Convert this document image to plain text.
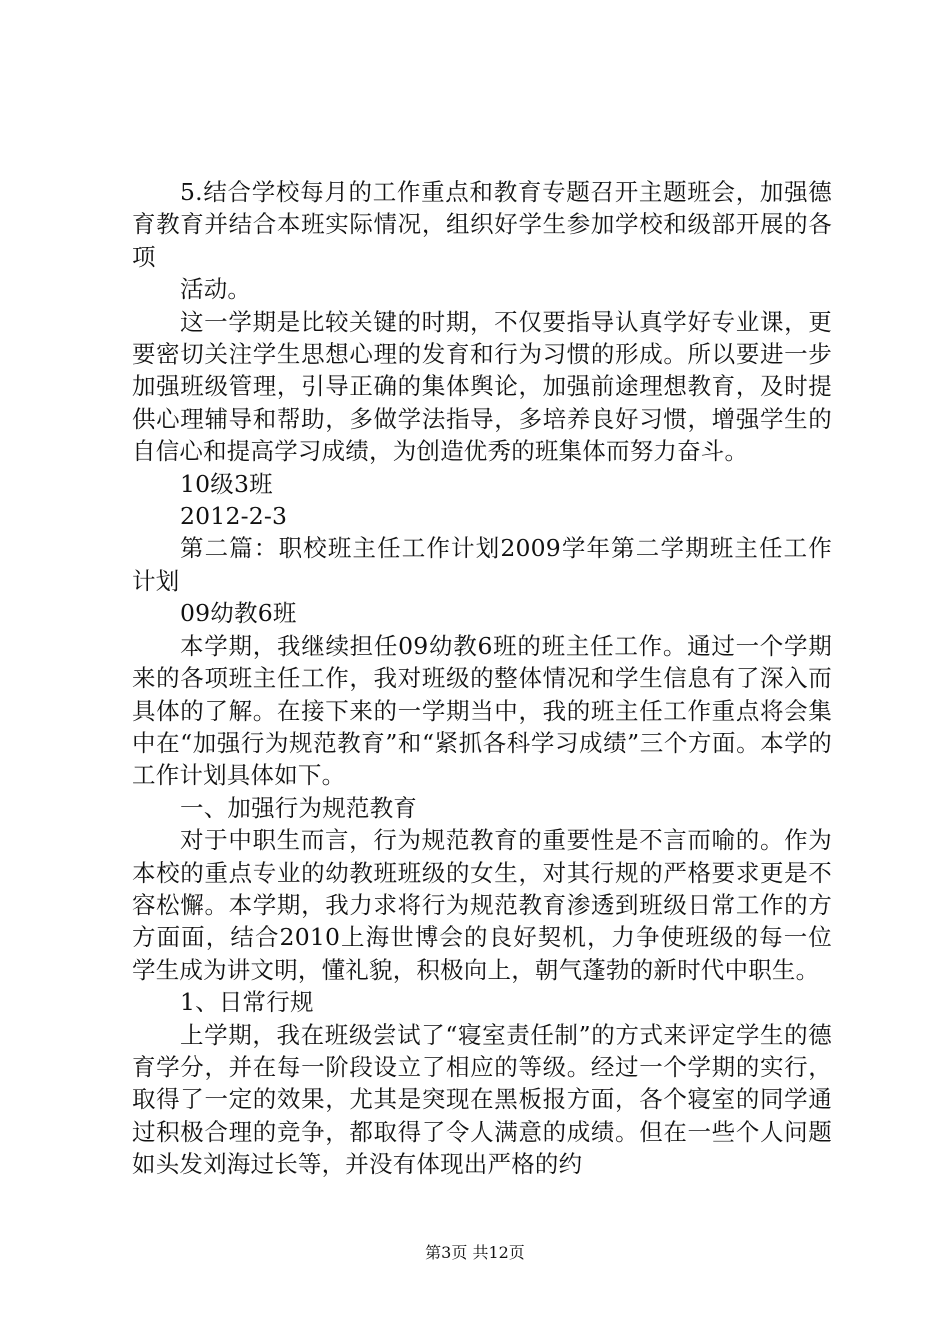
5.结合学校每月的工作重点和教育专题召开主题班会，加强德育教育并结合本班实际情况，组织好学生参加学校和级部开展的各项

活动。

这一学期是比较关键的时期，不仅要指导认真学好专业课，更要密切关注学生思想心理的发育和行为习惯的形成。所以要进一步加强班级管理，引导正确的集体舆论，加强前途理想教育，及时提供心理辅导和帮助，多做学法指导，多培养良好习惯，增强学生的自信心和提高学习成绩，为创造优秀的班集体而努力奋斗。

10级3班

2012-2-3

第二篇：职校班主任工作计划2009学年第二学期班主任工作计划

09幼教6班

本学期，我继续担任09幼教6班的班主任工作。通过一个学期来的各项班主任工作，我对班级的整体情况和学生信息有了深入而具体的了解。在接下来的一学期当中，我的班主任工作重点将会集中在“加强行为规范教育”和“紧抓各科学习成绩”三个方面。本学的工作计划具体如下。

一、加强行为规范教育

对于中职生而言，行为规范教育的重要性是不言而喻的。作为本校的重点专业的幼教班班级的女生，对其行规的严格要求更是不容松懈。本学期，我力求将行为规范教育渗透到班级日常工作的方方面面，结合2010上海世博会的良好契机，力争使班级的每一位学生成为讲文明，懂礼貌，积极向上，朝气蓬勃的新时代中职生。

1、日常行规

上学期，我在班级尝试了“寝室责任制”的方式来评定学生的德育学分，并在每一阶段设立了相应的等级。经过一个学期的实行，取得了一定的效果，尤其是突现在黑板报方面，各个寝室的同学通过积极合理的竞争，都取得了令人满意的成绩。但在一些个人问题如头发刘海过长等，并没有体现出严格的约

第3页 共12页
